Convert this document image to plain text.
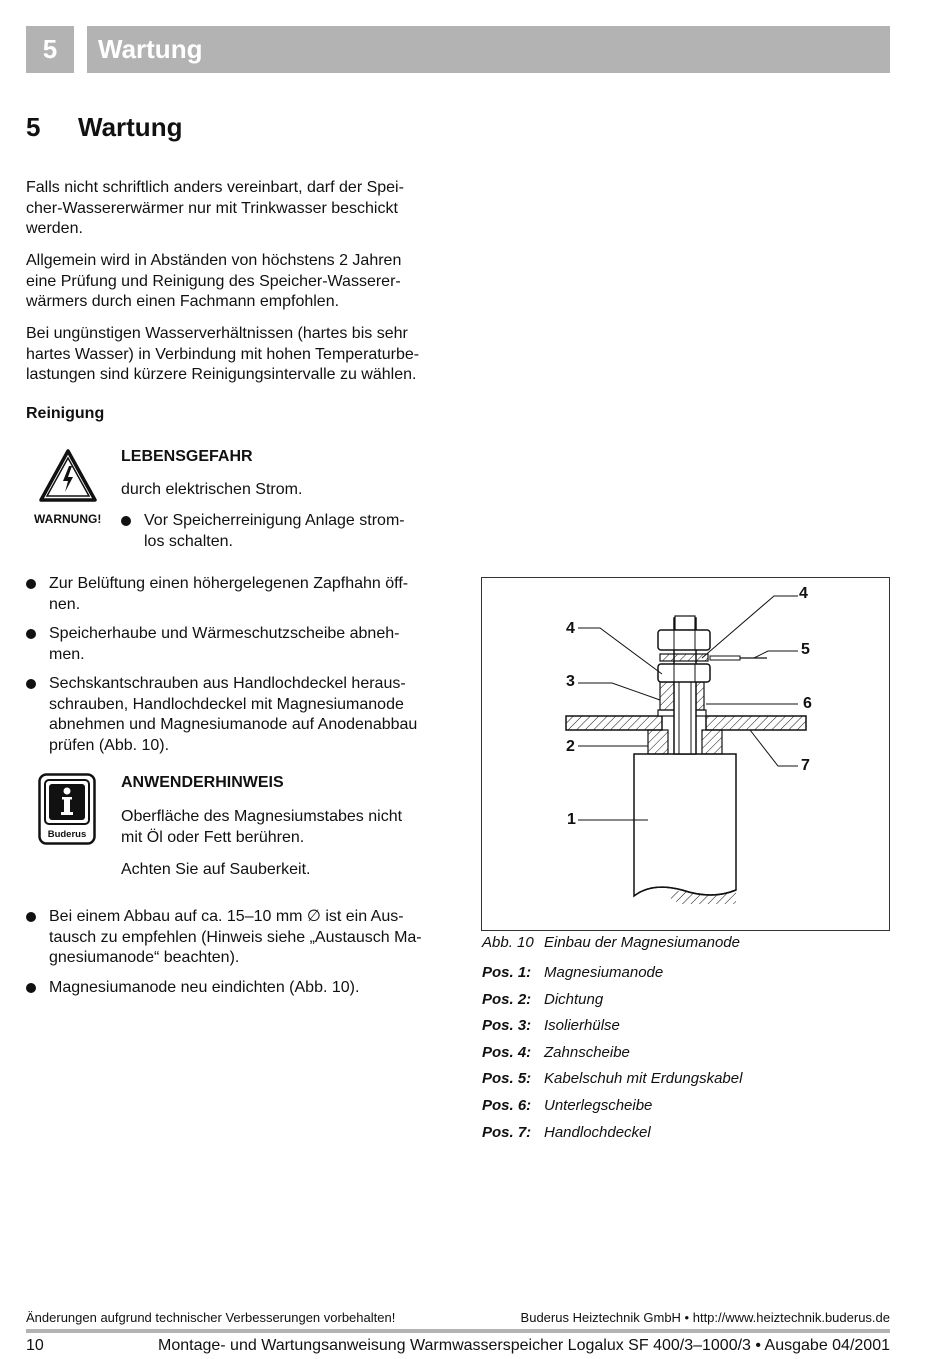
5 Wartung
5 Wartung
Falls nicht schriftlich anders vereinbart, darf der Spei-
cher-Wassererwärmer nur mit Trinkwasser beschickt
werden.
Allgemein wird in Abständen von höchstens 2 Jahren
eine Prüfung und Reinigung des Speicher-Wasserer-
wärmers durch einen Fachmann empfohlen.
Bei ungünstigen Wasserverhältnissen (hartes bis sehr
hartes Wasser) in Verbindung mit hohen Temperaturbe-
lastungen sind kürzere Reinigungsintervalle zu wählen.
Reinigung
WARNUNG!
LEBENSGEFAHR
durch elektrischen Strom.
Vor Speicherreinigung Anlage strom-
los schalten.
Zur Belüftung einen höhergelegenen Zapfhahn öff-
nen.
Speicherhaube und Wärmeschutzscheibe abneh-
men.
Sechskantschrauben aus Handlochdeckel heraus-
schrauben, Handlochdeckel mit Magnesiumanode
abnehmen und Magnesiumanode auf Anodenabbau
prüfen (Abb. 10).
Buderus
ANWENDERHINWEIS
Oberfläche des Magnesiumstabes nicht
mit Öl oder Fett berühren.
Achten Sie auf Sauberkeit.
Bei einem Abbau auf ca. 15–10 mm ∅ ist ein Aus-
tausch zu empfehlen (Hinweis siehe „Austausch Ma-
gnesiumanode“ beachten).
Magnesiumanode neu eindichten (Abb. 10).
4
3
2
1
4
5
6
7
Abb. 10 Einbau der Magnesiumanode
Pos. 1: Magnesiumanode
Pos. 2: Dichtung
Pos. 3: Isolierhülse
Pos. 4: Zahnscheibe
Pos. 5: Kabelschuh mit Erdungskabel
Pos. 6: Unterlegscheibe
Pos. 7: Handlochdeckel
Änderungen aufgrund technischer Verbesserungen vorbehalten!	Buderus Heiztechnik GmbH • http://www.heiztechnik.buderus.de
10	Montage- und Wartungsanweisung Warmwasserspeicher Logalux SF 400/3–1000/3 • Ausgabe 04/2001
